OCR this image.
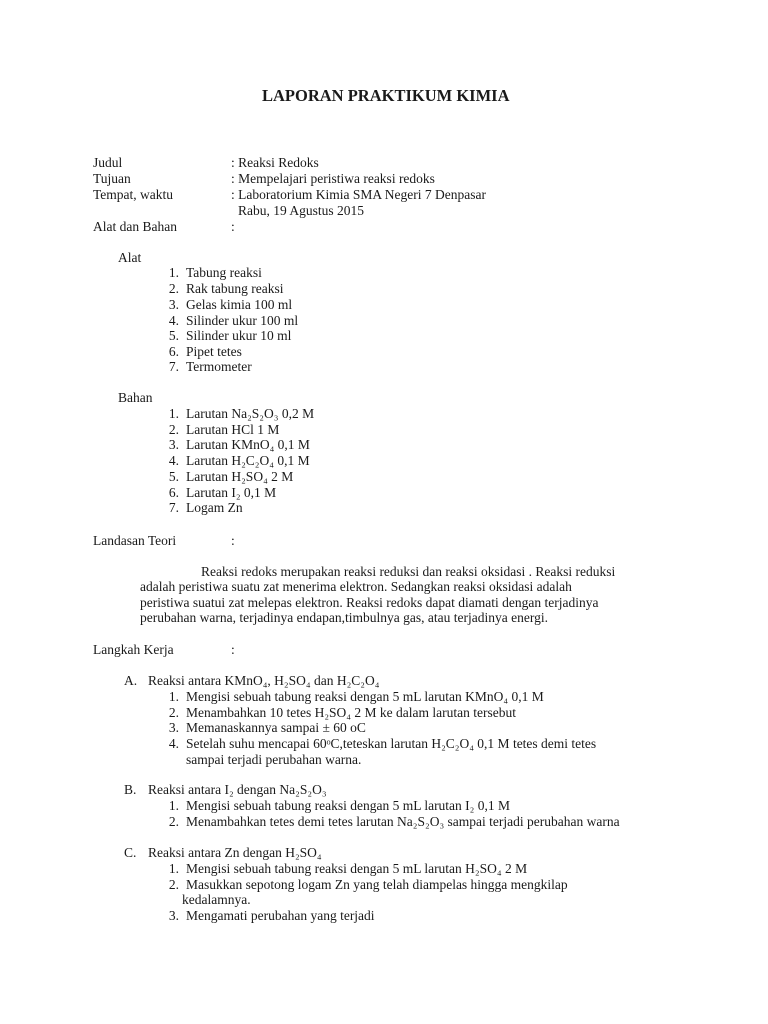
LAPORAN PRAKTIKUM KIMIA
Judul	: Reaksi Redoks
Tujuan	: Mempelajari peristiwa reaksi redoks
Tempat, waktu	: Laboratorium Kimia SMA Negeri 7 Denpasar
Rabu, 19 Agustus 2015
Alat dan Bahan	:
Alat
1. Tabung reaksi
2. Rak tabung reaksi
3. Gelas kimia 100 ml
4. Silinder ukur 100 ml
5. Silinder ukur 10 ml
6. Pipet tetes
7. Termometer
Bahan
1. Larutan Na₂S₂O₃ 0,2 M
2. Larutan HCl 1 M
3. Larutan KMnO₄ 0,1 M
4. Larutan H₂C₂O₄ 0,1 M
5. Larutan H₂SO₄ 2 M
6. Larutan I₂ 0,1 M
7. Logam Zn
Landasan Teori	:
Reaksi redoks merupakan reaksi reduksi dan reaksi oksidasi . Reaksi reduksi
adalah peristiwa suatu zat menerima elektron. Sedangkan reaksi oksidasi adalah
peristiwa suatui zat melepas elektron. Reaksi redoks dapat diamati dengan terjadinya
perubahan warna, terjadinya endapan,timbulnya gas, atau terjadinya energi.
Langkah Kerja	:
A. Reaksi antara KMnO₄, H₂SO₄ dan H₂C₂O₄
1. Mengisi sebuah tabung reaksi dengan 5 mL larutan KMnO₄ 0,1 M
2. Menambahkan 10 tetes H₂SO₄ 2 M ke dalam larutan tersebut
3. Memanaskannya sampai ± 60 oC
4. Setelah suhu mencapai 60ᵒC,teteskan larutan H₂C₂O₄ 0,1 M tetes demi tetes
sampai terjadi perubahan warna.
B. Reaksi antara I₂ dengan Na₂S₂O₃
1. Mengisi sebuah tabung reaksi dengan 5 mL larutan I₂ 0,1 M
2. Menambahkan tetes demi tetes larutan Na₂S₂O₃ sampai terjadi perubahan warna
C. Reaksi antara Zn dengan H₂SO₄
1. Mengisi sebuah tabung reaksi dengan 5 mL larutan H₂SO₄ 2 M
2. Masukkan sepotong logam Zn yang telah diampelas hingga mengkilap
kedalamnya.
3. Mengamati perubahan yang terjadi
